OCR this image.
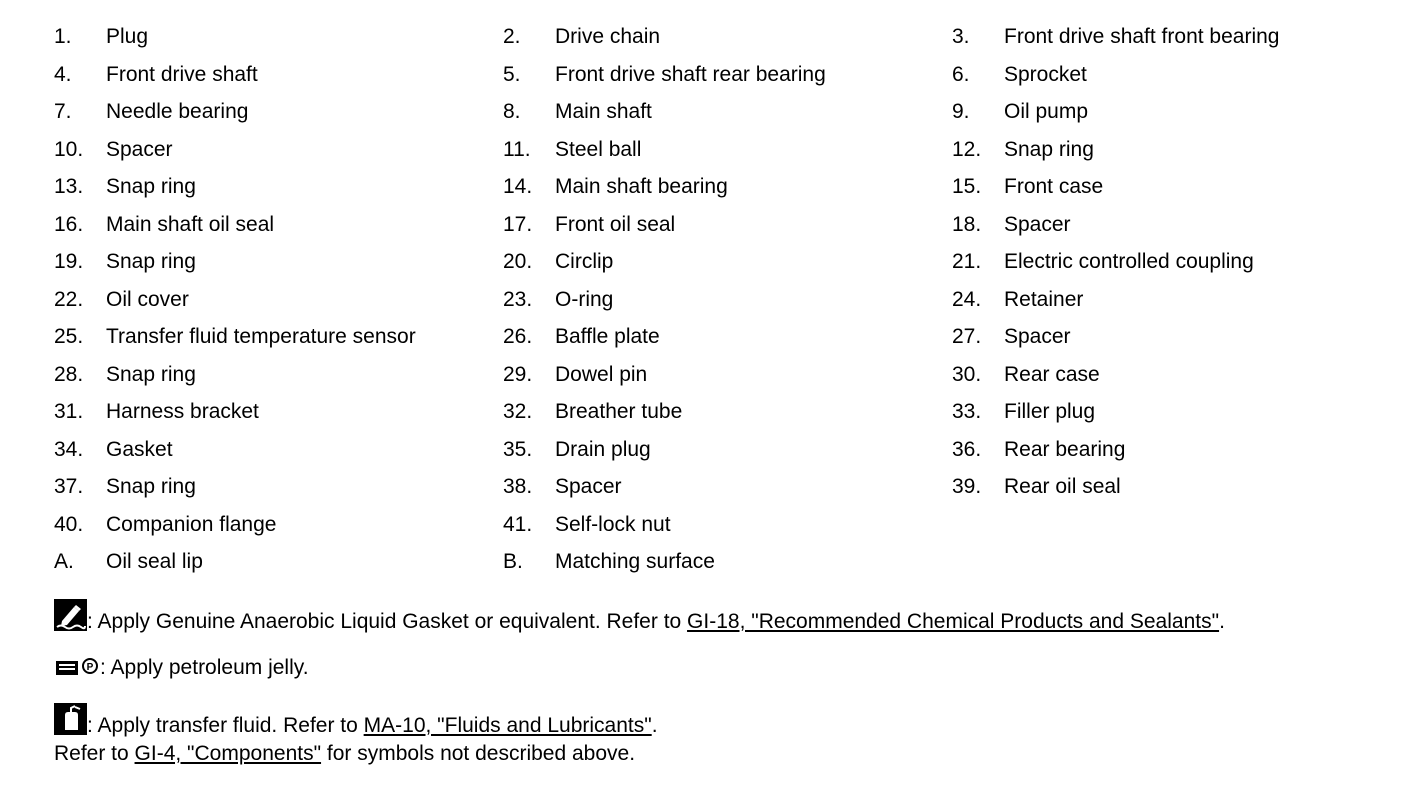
1. Plug	2. Drive chain	3. Front drive shaft front bearing
4. Front drive shaft	5. Front drive shaft rear bearing	6. Sprocket
7. Needle bearing	8. Main shaft	9. Oil pump
10. Spacer	11. Steel ball	12. Snap ring
13. Snap ring	14. Main shaft bearing	15. Front case
16. Main shaft oil seal	17. Front oil seal	18. Spacer
19. Snap ring	20. Circlip	21. Electric controlled coupling
22. Oil cover	23. O-ring	24. Retainer
25. Transfer fluid temperature sensor	26. Baffle plate	27. Spacer
28. Snap ring	29. Dowel pin	30. Rear case
31. Harness bracket	32. Breather tube	33. Filler plug
34. Gasket	35. Drain plug	36. Rear bearing
37. Snap ring	38. Spacer	39. Rear oil seal
40. Companion flange	41. Self-lock nut
A. Oil seal lip	B. Matching surface
: Apply Genuine Anaerobic Liquid Gasket or equivalent. Refer to GI-18, "Recommended Chemical Products and Sealants".
P : Apply petroleum jelly.
: Apply transfer fluid. Refer to MA-10, "Fluids and Lubricants".
Refer to GI-4, "Components" for symbols not described above.
